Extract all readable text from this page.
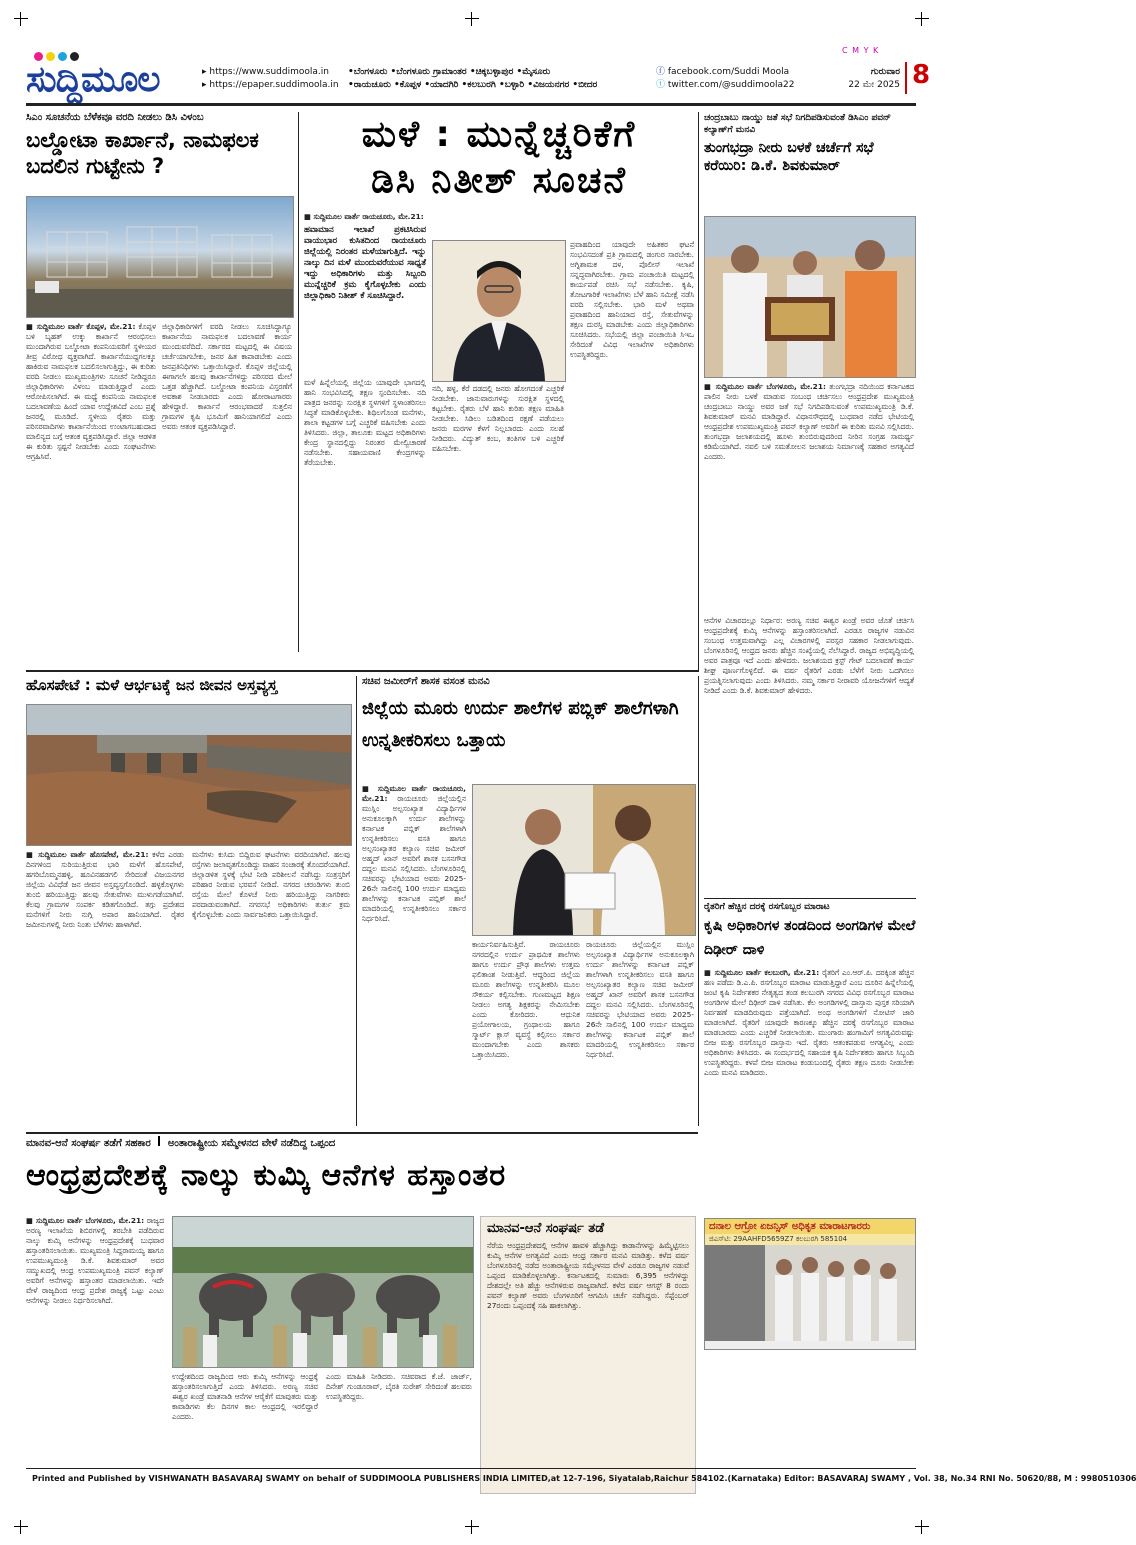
C M Y K
ಸುದ್ದಿಮೂಲ	▸ https://www.suddimoola.in
▸ https://epaper.suddimoola.in
•ಬೆಂಗಳೂರು •ಬೆಂಗಳೂರು ಗ್ರಾಮಾಂತರ •ಚಿಕ್ಕಬಳ್ಳಾಪುರ •ಮೈಸೂರು
•ರಾಯಚೂರು •ಕೊಪ್ಪಳ •ಯಾದಗಿರಿ •ಕಲಬುರಗಿ •ಬಳ್ಳಾರಿ •ವಿಜಯನಗರ •ಬೀದರ
ⓕ facebook.com/Suddi Moola
ⓣ twitter.com/@suddimoola22
ಗುರುವಾರ
22 ಮೇ 2025 8
ಸಿಎಂ ಸೂಚನೆಯ ಬೆಳೆಕವೂ ವರದಿ ನೀಡಲು ಡಿಸಿ ವಿಳಂಬ
ಬಲ್ಡೋಟಾ ಕಾರ್ಖಾನೆ, ನಾಮಫಲಕ ಬದಲಿನ ಗುಟ್ಟೇನು ?
■ ಸುದ್ದಿಮೂಲ ವಾರ್ತೆ ಕೊಪ್ಪಳ, ಮೇ.21: ಕೊಪ್ಪಳ ಬಳಿ ಬೃಹತ್ ಉಕ್ಕು ಕಾರ್ಖಾನೆ ಆರಂಭಿಸಲು ಮುಂದಾಗಿರುವ ಬಲ್ಡೋಟಾ ಕಂಪನಿಯವರಿಗೆ ಸ್ಥಳೀಯರ ತೀವ್ರ ವಿರೋಧ ವ್ಯಕ್ತವಾಗಿದೆ. ಕಾರ್ಖಾನೆಯುದ್ದಗಲಕ್ಕೂ ಹಾಕಿರುವ ನಾಮಫಲಕ ಬದಲಿಸಲಾಗುತ್ತಿದ್ದು, ಈ ಕುರಿತು ವರದಿ ನೀಡಲು ಮುಖ್ಯಮಂತ್ರಿಗಳು ಸೂಚನೆ ನೀಡಿದ್ದರೂ ಜಿಲ್ಲಾಧಿಕಾರಿಗಳು ವಿಳಂಬ ಮಾಡುತ್ತಿದ್ದಾರೆ ಎಂದು ಆರೋಪಿಸಲಾಗಿದೆ. ಈ ಮಧ್ಯೆ ಕಂಪನಿಯ ನಾಮಫಲಕ ಬದಲಾವಣೆಯ ಹಿಂದೆ ಯಾವ ಉದ್ದೇಶವಿದೆ ಎಂಬ ಪ್ರಶ್ನೆ ಜನರಲ್ಲಿ ಮೂಡಿದೆ. ಸ್ಥಳೀಯ ರೈತರು ಮತ್ತು ಪರಿಸರವಾದಿಗಳು ಕಾರ್ಖಾನೆಯಿಂದ ಉಂಟಾಗಬಹುದಾದ ಮಾಲಿನ್ಯದ ಬಗ್ಗೆ ಆತಂಕ ವ್ಯಕ್ತಪಡಿಸಿದ್ದಾರೆ. ಜಿಲ್ಲಾ ಆಡಳಿತ ಈ ಕುರಿತು ಸ್ಪಷ್ಟನೆ ನೀಡಬೇಕು ಎಂದು ಸಂಘಟನೆಗಳು ಆಗ್ರಹಿಸಿವೆ.
ಜಿಲ್ಲಾಧಿಕಾರಿಗಳಿಗೆ ವರದಿ ನೀಡಲು ಸೂಚಿಸಿದ್ದಾಗ್ಯೂ ಕಾರ್ಖಾನೆಯ ನಾಮಫಲಕ ಬದಲಾವಣೆ ಕಾರ್ಯ ಮುಂದುವರೆದಿದೆ. ಸರ್ಕಾರದ ಮಟ್ಟದಲ್ಲಿ ಈ ವಿಷಯ ಚರ್ಚೆಯಾಗಬೇಕು, ಜನರ ಹಿತ ಕಾಪಾಡಬೇಕು ಎಂದು ಜನಪ್ರತಿನಿಧಿಗಳು ಒತ್ತಾಯಿಸಿದ್ದಾರೆ. ಕೊಪ್ಪಳ ಜಿಲ್ಲೆಯಲ್ಲಿ ಈಗಾಗಲೇ ಹಲವು ಕಾರ್ಖಾನೆಗಳಿದ್ದು ಪರಿಸರದ ಮೇಲೆ ಒತ್ತಡ ಹೆಚ್ಚಾಗಿದೆ. ಬಲ್ಡೋಟಾ ಕಂಪನಿಯ ವಿಸ್ತರಣೆಗೆ ಅವಕಾಶ ನೀಡಬಾರದು ಎಂದು ಹೋರಾಟಗಾರರು ಹೇಳಿದ್ದಾರೆ. ಕಾರ್ಖಾನೆ ಆರಂಭವಾದರೆ ಸುತ್ತಲಿನ ಗ್ರಾಮಗಳ ಕೃಷಿ ಭೂಮಿಗೆ ಹಾನಿಯಾಗಲಿದೆ ಎಂದು ಅವರು ಆತಂಕ ವ್ಯಕ್ತಪಡಿಸಿದ್ದಾರೆ.
ಮಳೆ : ಮುನ್ನೆಚ್ಚರಿಕೆಗೆ
ಡಿಸಿ ನಿತೀಶ್ ಸೂಚನೆ
■ ಸುದ್ದಿಮೂಲ ವಾರ್ತೆ ರಾಯಚೂರು, ಮೇ.21:
ಹವಾಮಾನ ಇಲಾಖೆ ಪ್ರಕಟಿಸಿರುವ ವಾಯುಭಾರ ಕುಸಿತದಿಂದ ರಾಯಚೂರು ಜಿಲ್ಲೆಯಲ್ಲಿ ನಿರಂತರ ಮಳೆಯಾಗುತ್ತಿದೆ. ಇನ್ನು ನಾಲ್ಕು ದಿನ ಮಳೆ ಮುಂದುವರೆಯುವ ಸಾಧ್ಯತೆ ಇದ್ದು ಅಧಿಕಾರಿಗಳು ಮತ್ತು ಸಿಬ್ಬಂದಿ ಮುನ್ನೆಚ್ಚರಿಕೆ ಕ್ರಮ ಕೈಗೊಳ್ಳಬೇಕು ಎಂದು ಜಿಲ್ಲಾಧಿಕಾರಿ ನಿತೀಶ್ ಕೆ ಸೂಚಿಸಿದ್ದಾರೆ.
ಮಳೆ ಹಿನ್ನೆಲೆಯಲ್ಲಿ ಜಿಲ್ಲೆಯ ಯಾವುದೇ ಭಾಗದಲ್ಲಿ ಹಾನಿ ಸಂಭವಿಸಿದಲ್ಲಿ ತಕ್ಷಣ ಸ್ಪಂದಿಸಬೇಕು. ನದಿ ಪಾತ್ರದ ಜನರನ್ನು ಸುರಕ್ಷಿತ ಸ್ಥಳಗಳಿಗೆ ಸ್ಥಳಾಂತರಿಸಲು ಸಿದ್ಧತೆ ಮಾಡಿಕೊಳ್ಳಬೇಕು. ಶಿಥಿಲಗೊಂಡ ಮನೆಗಳು, ಶಾಲಾ ಕಟ್ಟಡಗಳ ಬಗ್ಗೆ ಎಚ್ಚರಿಕೆ ವಹಿಸಬೇಕು ಎಂದು ತಿಳಿಸಿದರು. ಜಿಲ್ಲಾ, ತಾಲೂಕು ಮಟ್ಟದ ಅಧಿಕಾರಿಗಳು ಕೇಂದ್ರ ಸ್ಥಾನದಲ್ಲಿದ್ದು ನಿರಂತರ ಮೇಲ್ವಿಚಾರಣೆ ನಡೆಸಬೇಕು. ಸಹಾಯವಾಣಿ ಕೇಂದ್ರಗಳನ್ನು ತೆರೆಯಬೇಕು.
ನದಿ, ಹಳ್ಳ, ಕೆರೆ ದಡದಲ್ಲಿ ಜನರು ಹೋಗದಂತೆ ಎಚ್ಚರಿಕೆ ನೀಡಬೇಕು. ಜಾನುವಾರುಗಳನ್ನು ಸುರಕ್ಷಿತ ಸ್ಥಳದಲ್ಲಿ ಕಟ್ಟಬೇಕು. ರೈತರು ಬೆಳೆ ಹಾನಿ ಕುರಿತು ತಕ್ಷಣ ಮಾಹಿತಿ ನೀಡಬೇಕು. ಸಿಡಿಲು ಬಡಿತದಿಂದ ರಕ್ಷಣೆ ಪಡೆಯಲು ಜನರು ಮರಗಳ ಕೆಳಗೆ ನಿಲ್ಲಬಾರದು ಎಂದು ಸಲಹೆ ನೀಡಿದರು. ವಿದ್ಯುತ್ ಕಂಬ, ತಂತಿಗಳ ಬಳಿ ಎಚ್ಚರಿಕೆ ವಹಿಸಬೇಕು.
ಪ್ರವಾಹದಿಂದ ಯಾವುದೇ ಅಹಿತಕರ ಘಟನೆ ಸಂಭವಿಸದಂತೆ ಪ್ರತಿ ಗ್ರಾಮದಲ್ಲಿ ಡಂಗುರ ಸಾರಬೇಕು. ಅಗ್ನಿಶಾಮಕ ದಳ, ಪೊಲೀಸ್ ಇಲಾಖೆ ಸನ್ನದ್ಧವಾಗಿರಬೇಕು. ಗ್ರಾಮ ಪಂಚಾಯಿತಿ ಮಟ್ಟದಲ್ಲಿ ಕಾರ್ಯಪಡೆ ರಚಿಸಿ ಸಭೆ ನಡೆಸಬೇಕು. ಕೃಷಿ, ತೋಟಗಾರಿಕೆ ಇಲಾಖೆಗಳು ಬೆಳೆ ಹಾನಿ ಸಮೀಕ್ಷೆ ನಡೆಸಿ ವರದಿ ಸಲ್ಲಿಸಬೇಕು. ಭಾರಿ ಮಳೆ ಅಥವಾ ಪ್ರವಾಹದಿಂದ ಹಾನಿಯಾದ ರಸ್ತೆ, ಸೇತುವೆಗಳನ್ನು ತಕ್ಷಣ ದುರಸ್ತಿ ಮಾಡಬೇಕು ಎಂದು ಜಿಲ್ಲಾಧಿಕಾರಿಗಳು ಸೂಚಿಸಿದರು. ಸಭೆಯಲ್ಲಿ ಜಿಲ್ಲಾ ಪಂಚಾಯಿತಿ ಸಿಇಒ ಸೇರಿದಂತೆ ವಿವಿಧ ಇಲಾಖೆಗಳ ಅಧಿಕಾರಿಗಳು ಉಪಸ್ಥಿತರಿದ್ದರು.
ಚಂದ್ರಬಾಬು ನಾಯ್ಡು ಜತೆ ಸಭೆ ನಿಗದಿಪಡಿಸುವಂತೆ ಡಿಸಿಎಂ ಪವನ್ ಕಲ್ಯಾಣ್‌ಗೆ ಮನವಿ
ತುಂಗಭದ್ರಾ ನೀರು ಬಳಕೆ ಚರ್ಚೆಗೆ ಸಭೆ ಕರೆಯಿರಿ: ಡಿ.ಕೆ. ಶಿವಕುಮಾರ್
■ ಸುದ್ದಿಮೂಲ ವಾರ್ತೆ ಬೆಂಗಳೂರು, ಮೇ.21: ತುಂಗಭದ್ರಾ ನದಿಯಿಂದ ಕರ್ನಾಟಕದ ಪಾಲಿನ ನೀರು ಬಳಕೆ ಮಾಡುವ ಸಂಬಂಧ ಚರ್ಚಿಸಲು ಆಂಧ್ರಪ್ರದೇಶ ಮುಖ್ಯಮಂತ್ರಿ ಚಂದ್ರಬಾಬು ನಾಯ್ಡು ಅವರ ಜತೆ ಸಭೆ ನಿಗದಿಪಡಿಸುವಂತೆ ಉಪಮುಖ್ಯಮಂತ್ರಿ ಡಿ.ಕೆ. ಶಿವಕುಮಾರ್ ಮನವಿ ಮಾಡಿದ್ದಾರೆ. ವಿಧಾನಸೌಧದಲ್ಲಿ ಬುಧವಾರ ನಡೆದ ಭೇಟಿಯಲ್ಲಿ ಆಂಧ್ರಪ್ರದೇಶ ಉಪಮುಖ್ಯಮಂತ್ರಿ ಪವನ್ ಕಲ್ಯಾಣ್ ಅವರಿಗೆ ಈ ಕುರಿತು ಮನವಿ ಸಲ್ಲಿಸಿದರು. ತುಂಗಭದ್ರಾ ಜಲಾಶಯದಲ್ಲಿ ಹೂಳು ತುಂಬಿರುವುದರಿಂದ ನೀರಿನ ಸಂಗ್ರಹ ಸಾಮರ್ಥ್ಯ ಕಡಿಮೆಯಾಗಿದೆ. ನವಲಿ ಬಳಿ ಸಮತೋಲನ ಜಲಾಶಯ ನಿರ್ಮಾಣಕ್ಕೆ ಸಹಕಾರ ಅಗತ್ಯವಿದೆ ಎಂದರು.
ಆನೆಗಳ ವಿಚಾರದಲ್ಲೂ ನಿರ್ಧಾರ: ಅರಣ್ಯ ಸಚಿವ ಈಶ್ವರ ಖಂಡ್ರೆ ಅವರ ಜೊತೆ ಚರ್ಚಿಸಿ ಆಂಧ್ರಪ್ರದೇಶಕ್ಕೆ ಕುಮ್ಕಿ ಆನೆಗಳನ್ನು ಹಸ್ತಾಂತರಿಸಲಾಗಿದೆ. ಎರಡೂ ರಾಜ್ಯಗಳ ನಡುವಿನ ಸಂಬಂಧ ಉತ್ತಮವಾಗಿದ್ದು ಎಲ್ಲ ವಿಚಾರಗಳಲ್ಲಿ ಪರಸ್ಪರ ಸಹಕಾರ ನೀಡಲಾಗುವುದು. ಬೆಂಗಳೂರಿನಲ್ಲಿ ಆಂಧ್ರದ ಜನರು ಹೆಚ್ಚಿನ ಸಂಖ್ಯೆಯಲ್ಲಿ ನೆಲೆಸಿದ್ದಾರೆ. ರಾಜ್ಯದ ಅಭಿವೃದ್ಧಿಯಲ್ಲಿ ಅವರ ಪಾತ್ರವೂ ಇದೆ ಎಂದು ಹೇಳಿದರು. ಜಲಾಶಯದ ಕ್ರಸ್ಟ್ ಗೇಟ್ ಬದಲಾವಣೆ ಕಾರ್ಯ ಶೀಘ್ರ ಪೂರ್ಣಗೊಳ್ಳಲಿದೆ. ಈ ವರ್ಷ ರೈತರಿಗೆ ಎರಡು ಬೆಳೆಗೆ ನೀರು ಒದಗಿಸಲು ಪ್ರಯತ್ನಿಸಲಾಗುವುದು ಎಂದು ತಿಳಿಸಿದರು. ನಮ್ಮ ಸರ್ಕಾರ ನೀರಾವರಿ ಯೋಜನೆಗಳಿಗೆ ಆದ್ಯತೆ ನೀಡಿದೆ ಎಂದು ಡಿ.ಕೆ. ಶಿವಕುಮಾರ್ ಹೇಳಿದರು.
ಹೊಸಪೇಟೆ : ಮಳೆ ಆರ್ಭಟಕ್ಕೆ ಜನ ಜೀವನ ಅಸ್ತವ್ಯಸ್ತ
■ ಸುದ್ದಿಮೂಲ ವಾರ್ತೆ ಹೊಸಪೇಟೆ, ಮೇ.21: ಕಳೆದ ಎರಡು ದಿನಗಳಿಂದ ಸುರಿಯುತ್ತಿರುವ ಭಾರಿ ಮಳೆಗೆ ಹೊಸಪೇಟೆ, ಹಗರಿಬೊಮ್ಮನಹಳ್ಳಿ, ಹೂವಿನಹಡಗಲಿ ಸೇರಿದಂತೆ ವಿಜಯನಗರ ಜಿಲ್ಲೆಯ ವಿವಿಧೆಡೆ ಜನ ಜೀವನ ಅಸ್ತವ್ಯಸ್ತಗೊಂಡಿದೆ. ಹಳ್ಳಕೊಳ್ಳಗಳು ತುಂಬಿ ಹರಿಯುತ್ತಿದ್ದು ಹಲವು ಸೇತುವೆಗಳು ಮುಳುಗಡೆಯಾಗಿವೆ. ಕೆಲವು ಗ್ರಾಮಗಳ ಸಂಪರ್ಕ ಕಡಿತಗೊಂಡಿದೆ. ತಗ್ಗು ಪ್ರದೇಶದ ಮನೆಗಳಿಗೆ ನೀರು ನುಗ್ಗಿ ಅಪಾರ ಹಾನಿಯಾಗಿದೆ. ರೈತರ ಜಮೀನುಗಳಲ್ಲಿ ನೀರು ನಿಂತು ಬೆಳೆಗಳು ಹಾಳಾಗಿವೆ.
ಮನೆಗಳು ಕುಸಿದು ಬಿದ್ದಿರುವ ಘಟನೆಗಳು ವರದಿಯಾಗಿವೆ. ಹಲವು ರಸ್ತೆಗಳು ಜಲಾವೃತಗೊಂಡಿದ್ದು ವಾಹನ ಸಂಚಾರಕ್ಕೆ ತೊಂದರೆಯಾಗಿದೆ. ಜಿಲ್ಲಾಡಳಿತ ಸ್ಥಳಕ್ಕೆ ಭೇಟಿ ನೀಡಿ ಪರಿಶೀಲನೆ ನಡೆಸಿದ್ದು ಸಂತ್ರಸ್ತರಿಗೆ ಪರಿಹಾರ ನೀಡುವ ಭರವಸೆ ನೀಡಿದೆ. ನಗರದ ಚರಂಡಿಗಳು ತುಂಬಿ ರಸ್ತೆಯ ಮೇಲೆ ಕೊಳಚೆ ನೀರು ಹರಿಯುತ್ತಿದ್ದು ನಾಗರಿಕರು ಪರದಾಡುವಂತಾಗಿದೆ. ನಗರಸಭೆ ಅಧಿಕಾರಿಗಳು ತುರ್ತು ಕ್ರಮ ಕೈಗೊಳ್ಳಬೇಕು ಎಂದು ಸಾರ್ವಜನಿಕರು ಒತ್ತಾಯಿಸಿದ್ದಾರೆ.
ಸಚಿವ ಜಮೀರ್‌ಗೆ ಶಾಸಕ ವಸಂತ ಮನವಿ
ಜಿಲ್ಲೆಯ ಮೂರು ಉರ್ದು ಶಾಲೆಗಳ ಪಬ್ಲಿಕ್ ಶಾಲೆಗಳಾಗಿ ಉನ್ನತೀಕರಿಸಲು ಒತ್ತಾಯ
■ ಸುದ್ದಿಮೂಲ ವಾರ್ತೆ ರಾಯಚೂರು, ಮೇ.21: ರಾಯಚೂರು ಜಿಲ್ಲೆಯಲ್ಲಿನ ಮುಸ್ಲಿಂ ಅಲ್ಪಸಂಖ್ಯಾತ ವಿದ್ಯಾರ್ಥಿಗಳ ಅನುಕೂಲಕ್ಕಾಗಿ ಉರ್ದು ಶಾಲೆಗಳನ್ನು ಕರ್ನಾಟಕ ಪಬ್ಲಿಕ್ ಶಾಲೆಗಳಾಗಿ ಉನ್ನತೀಕರಿಸಲು ವಸತಿ ಹಾಗೂ ಅಲ್ಪಸಂಖ್ಯಾತರ ಕಲ್ಯಾಣ ಸಚಿವ ಜಮೀರ್ ಅಹ್ಮದ್ ಖಾನ್ ಅವರಿಗೆ ಶಾಸಕ ಬಸನಗೌಡ ದದ್ದಲ ಮನವಿ ಸಲ್ಲಿಸಿದರು. ಬೆಂಗಳೂರಿನಲ್ಲಿ ಸಚಿವರನ್ನು ಭೇಟಿಯಾದ ಅವರು 2025-26ನೇ ಸಾಲಿನಲ್ಲಿ 100 ಉರ್ದು ಮಾಧ್ಯಮ ಶಾಲೆಗಳನ್ನು ಕರ್ನಾಟಕ ಪಬ್ಲಿಕ್ ಶಾಲೆ ಮಾದರಿಯಲ್ಲಿ ಉನ್ನತೀಕರಿಸಲು ಸರ್ಕಾರ ನಿರ್ಧರಿಸಿದೆ.
ಕಾರ್ಯನಿರ್ವಹಿಸುತ್ತಿವೆ. ರಾಯಚೂರು ನಗರದಲ್ಲಿನ ಉರ್ದು ಪ್ರಾಥಮಿಕ ಶಾಲೆಗಳು ಹಾಗೂ ಉರ್ದು ಪ್ರೌಢ ಶಾಲೆಗಳು ಉತ್ತಮ ಫಲಿತಾಂಶ ನೀಡುತ್ತಿವೆ. ಆದ್ದರಿಂದ ಜಿಲ್ಲೆಯ ಮೂರು ಶಾಲೆಗಳನ್ನು ಉನ್ನತೀಕರಿಸಿ ಮೂಲ ಸೌಕರ್ಯ ಕಲ್ಪಿಸಬೇಕು. ಗುಣಮಟ್ಟದ ಶಿಕ್ಷಣ ನೀಡಲು ಅಗತ್ಯ ಶಿಕ್ಷಕರನ್ನು ನೇಮಿಸಬೇಕು ಎಂದು ಕೋರಿದರು. ಆಧುನಿಕ ಪ್ರಯೋಗಾಲಯ, ಗ್ರಂಥಾಲಯ ಹಾಗೂ ಸ್ಮಾರ್ಟ್ ಕ್ಲಾಸ್ ವ್ಯವಸ್ಥೆ ಕಲ್ಪಿಸಲು ಸರ್ಕಾರ ಮುಂದಾಗಬೇಕು ಎಂದು ಶಾಸಕರು ಒತ್ತಾಯಿಸಿದರು.
ರಾಯಚೂರು ಜಿಲ್ಲೆಯಲ್ಲಿನ ಮುಸ್ಲಿಂ ಅಲ್ಪಸಂಖ್ಯಾತ ವಿದ್ಯಾರ್ಥಿಗಳ ಅನುಕೂಲಕ್ಕಾಗಿ ಉರ್ದು ಶಾಲೆಗಳನ್ನು ಕರ್ನಾಟಕ ಪಬ್ಲಿಕ್ ಶಾಲೆಗಳಾಗಿ ಉನ್ನತೀಕರಿಸಲು ವಸತಿ ಹಾಗೂ ಅಲ್ಪಸಂಖ್ಯಾತರ ಕಲ್ಯಾಣ ಸಚಿವ ಜಮೀರ್ ಅಹ್ಮದ್ ಖಾನ್ ಅವರಿಗೆ ಶಾಸಕ ಬಸನಗೌಡ ದದ್ದಲ ಮನವಿ ಸಲ್ಲಿಸಿದರು. ಬೆಂಗಳೂರಿನಲ್ಲಿ ಸಚಿವರನ್ನು ಭೇಟಿಯಾದ ಅವರು 2025-26ನೇ ಸಾಲಿನಲ್ಲಿ 100 ಉರ್ದು ಮಾಧ್ಯಮ ಶಾಲೆಗಳನ್ನು ಕರ್ನಾಟಕ ಪಬ್ಲಿಕ್ ಶಾಲೆ ಮಾದರಿಯಲ್ಲಿ ಉನ್ನತೀಕರಿಸಲು ಸರ್ಕಾರ ನಿರ್ಧರಿಸಿದೆ.
ರೈತರಿಗೆ ಹೆಚ್ಚಿನ ದರಕ್ಕೆ ರಸಗೊಬ್ಬರ ಮಾರಾಟ
ಕೃಷಿ ಅಧಿಕಾರಿಗಳ ತಂಡದಿಂದ ಅಂಗಡಿಗಳ ಮೇಲೆ ದಿಢೀರ್ ದಾಳಿ
■ ಸುದ್ದಿಮೂಲ ವಾರ್ತೆ ಕಲಬುರಗಿ, ಮೇ.21: ರೈತರಿಗೆ ಎಂ.ಆರ್.ಪಿ. ದರಕ್ಕಿಂತ ಹೆಚ್ಚಿನ ಹಣ ಪಡೆದು ಡಿ.ಎ.ಪಿ. ರಸಗೊಬ್ಬರ ಮಾರಾಟ ಮಾಡುತ್ತಿದ್ದಾರೆ ಎಂಬ ದೂರಿನ ಹಿನ್ನೆಲೆಯಲ್ಲಿ ಜಂಟಿ ಕೃಷಿ ನಿರ್ದೇಶಕರ ನೇತೃತ್ವದ ತಂಡ ಕಲಬುರಗಿ ನಗರದ ವಿವಿಧ ರಸಗೊಬ್ಬರ ಮಾರಾಟ ಅಂಗಡಿಗಳ ಮೇಲೆ ದಿಢೀರ್ ದಾಳಿ ನಡೆಸಿತು. ಕೆಲ ಅಂಗಡಿಗಳಲ್ಲಿ ದಾಸ್ತಾನು ಪುಸ್ತಕ ಸರಿಯಾಗಿ ನಿರ್ವಹಣೆ ಮಾಡದಿರುವುದು ಪತ್ತೆಯಾಗಿದೆ. ಅಂಥ ಅಂಗಡಿಗಳಿಗೆ ನೋಟಿಸ್ ಜಾರಿ ಮಾಡಲಾಗಿದೆ. ರೈತರಿಗೆ ಯಾವುದೇ ಕಾರಣಕ್ಕೂ ಹೆಚ್ಚಿನ ದರಕ್ಕೆ ರಸಗೊಬ್ಬರ ಮಾರಾಟ ಮಾಡಬಾರದು ಎಂದು ಎಚ್ಚರಿಕೆ ನೀಡಲಾಯಿತು. ಮುಂಗಾರು ಹಂಗಾಮಿಗೆ ಅಗತ್ಯವಿರುವಷ್ಟು ಬೀಜ ಮತ್ತು ರಸಗೊಬ್ಬರ ದಾಸ್ತಾನು ಇದೆ. ರೈತರು ಆತಂಕಪಡುವ ಅಗತ್ಯವಿಲ್ಲ ಎಂದು ಅಧಿಕಾರಿಗಳು ತಿಳಿಸಿದರು. ಈ ಸಂದರ್ಭದಲ್ಲಿ ಸಹಾಯಕ ಕೃಷಿ ನಿರ್ದೇಶಕರು ಹಾಗೂ ಸಿಬ್ಬಂದಿ ಉಪಸ್ಥಿತರಿದ್ದರು. ಕಳಪೆ ಬೀಜ ಮಾರಾಟ ಕಂಡುಬಂದಲ್ಲಿ ರೈತರು ತಕ್ಷಣ ದೂರು ನೀಡಬೇಕು ಎಂದು ಮನವಿ ಮಾಡಿದರು.
ದನಾಲ ಆಗ್ರೋ ಏಜನ್ಸಿಸ್ ಅಧಿಕೃತ ಮಾರಾಟಗಾರರು
ಜಿಎಸ್‌ಟಿ: 29AAHFD5659Z7 ಕಲಬುರಗಿ 585104
ಮಾನವ-ಆನೆ ಸಂಘರ್ಷ ತಡೆಗೆ ಸಹಕಾರ ಅಂತಾರಾಷ್ಟ್ರೀಯ ಸಮ್ಮೇಳನದ ವೇಳೆ ನಡೆದಿದ್ದ ಒಪ್ಪಂದ
ಆಂಧ್ರಪ್ರದೇಶಕ್ಕೆ ನಾಲ್ಕು ಕುಮ್ಕಿ ಆನೆಗಳ ಹಸ್ತಾಂತರ
■ ಸುದ್ದಿಮೂಲ ವಾರ್ತೆ ಬೆಂಗಳೂರು, ಮೇ.21: ರಾಜ್ಯದ ಅರಣ್ಯ ಇಲಾಖೆಯ ಶಿಬಿರಗಳಲ್ಲಿ ತರಬೇತಿ ಪಡೆದಿರುವ ನಾಲ್ಕು ಕುಮ್ಕಿ ಆನೆಗಳನ್ನು ಆಂಧ್ರಪ್ರದೇಶಕ್ಕೆ ಬುಧವಾರ ಹಸ್ತಾಂತರಿಸಲಾಯಿತು. ಮುಖ್ಯಮಂತ್ರಿ ಸಿದ್ದರಾಮಯ್ಯ ಹಾಗೂ ಉಪಮುಖ್ಯಮಂತ್ರಿ ಡಿ.ಕೆ. ಶಿವಕುಮಾರ್ ಅವರ ಸಮ್ಮುಖದಲ್ಲಿ ಆಂಧ್ರ ಉಪಮುಖ್ಯಮಂತ್ರಿ ಪವನ್ ಕಲ್ಯಾಣ್ ಅವರಿಗೆ ಆನೆಗಳನ್ನು ಹಸ್ತಾಂತರ ಮಾಡಲಾಯಿತು. ಇದೇ ವೇಳೆ ರಾಜ್ಯದಿಂದ ಆಂಧ್ರ ಪ್ರದೇಶ ರಾಜ್ಯಕ್ಕೆ ಒಟ್ಟು ಎಂಟು ಆನೆಗಳನ್ನು ನೀಡಲು ನಿರ್ಧರಿಸಲಾಗಿದೆ.
ಉದ್ದೇಶದಿಂದ ರಾಜ್ಯದಿಂದ ಆರು ಕುಮ್ಕಿ ಆನೆಗಳನ್ನು ಆಂಧ್ರಕ್ಕೆ ಹಸ್ತಾಂತರಿಸಲಾಗುತ್ತಿದೆ ಎಂದು ತಿಳಿಸಿದರು. ಅರಣ್ಯ ಸಚಿವ ಈಶ್ವರ ಖಂಡ್ರೆ ಮಾತನಾಡಿ ಆನೆಗಳ ಆರೈಕೆಗೆ ಮಾವುತರು ಮತ್ತು ಕಾವಾಡಿಗಳು ಕೆಲ ದಿನಗಳ ಕಾಲ ಆಂಧ್ರದಲ್ಲಿ ಇರಲಿದ್ದಾರೆ ಎಂದರು.
ಎಂದು ಮಾಹಿತಿ ನೀಡಿದರು. ಸಚಿವರಾದ ಕೆ.ಜೆ. ಜಾರ್ಜ್, ದಿನೇಶ್ ಗುಂಡೂರಾವ್, ಬೈರತಿ ಸುರೇಶ್ ಸೇರಿದಂತೆ ಹಲವರು ಉಪಸ್ಥಿತರಿದ್ದರು.
ಮಾನವ-ಆನೆ ಸಂಘರ್ಷ ತಡೆ
ನೆರೆಯ ಆಂಧ್ರಪ್ರದೇಶದಲ್ಲಿ ಆನೆಗಳ ಹಾವಳಿ ಹೆಚ್ಚಾಗಿದ್ದು ಕಾಡಾನೆಗಳನ್ನು ಹಿಮ್ಮೆಟ್ಟಿಸಲು ಕುಮ್ಕಿ ಆನೆಗಳ ಅಗತ್ಯವಿದೆ ಎಂದು ಆಂಧ್ರ ಸರ್ಕಾರ ಮನವಿ ಮಾಡಿತ್ತು. ಕಳೆದ ವರ್ಷ ಬೆಂಗಳೂರಿನಲ್ಲಿ ನಡೆದ ಅಂತಾರಾಷ್ಟ್ರೀಯ ಸಮ್ಮೇಳನದ ವೇಳೆ ಎರಡೂ ರಾಜ್ಯಗಳ ನಡುವೆ ಒಪ್ಪಂದ ಮಾಡಿಕೊಳ್ಳಲಾಗಿತ್ತು. ಕರ್ನಾಟಕದಲ್ಲಿ ಸುಮಾರು 6,395 ಆನೆಗಳಿದ್ದು ದೇಶದಲ್ಲೇ ಅತಿ ಹೆಚ್ಚು ಆನೆಗಳಿರುವ ರಾಜ್ಯವಾಗಿದೆ. ಕಳೆದ ವರ್ಷ ಆಗಸ್ಟ್ 8 ರಂದು ಪವನ್ ಕಲ್ಯಾಣ್ ಅವರು ಬೆಂಗಳೂರಿಗೆ ಆಗಮಿಸಿ ಚರ್ಚೆ ನಡೆಸಿದ್ದರು. ಸೆಪ್ಟೆಂಬರ್ 27ರಂದು ಒಪ್ಪಂದಕ್ಕೆ ಸಹಿ ಹಾಕಲಾಗಿತ್ತು.
Printed and Published by VISHWANATH BASAVARAJ SWAMY on behalf of SUDDIMOOLA PUBLISHERS INDIA LIMITED,at 12-7-196, Siyatalab,Raichur 584102.(Karnataka) Editor: BASAVARAJ SWAMY , Vol. 38, No.34 RNI No. 50620/88, M : 9980510306
